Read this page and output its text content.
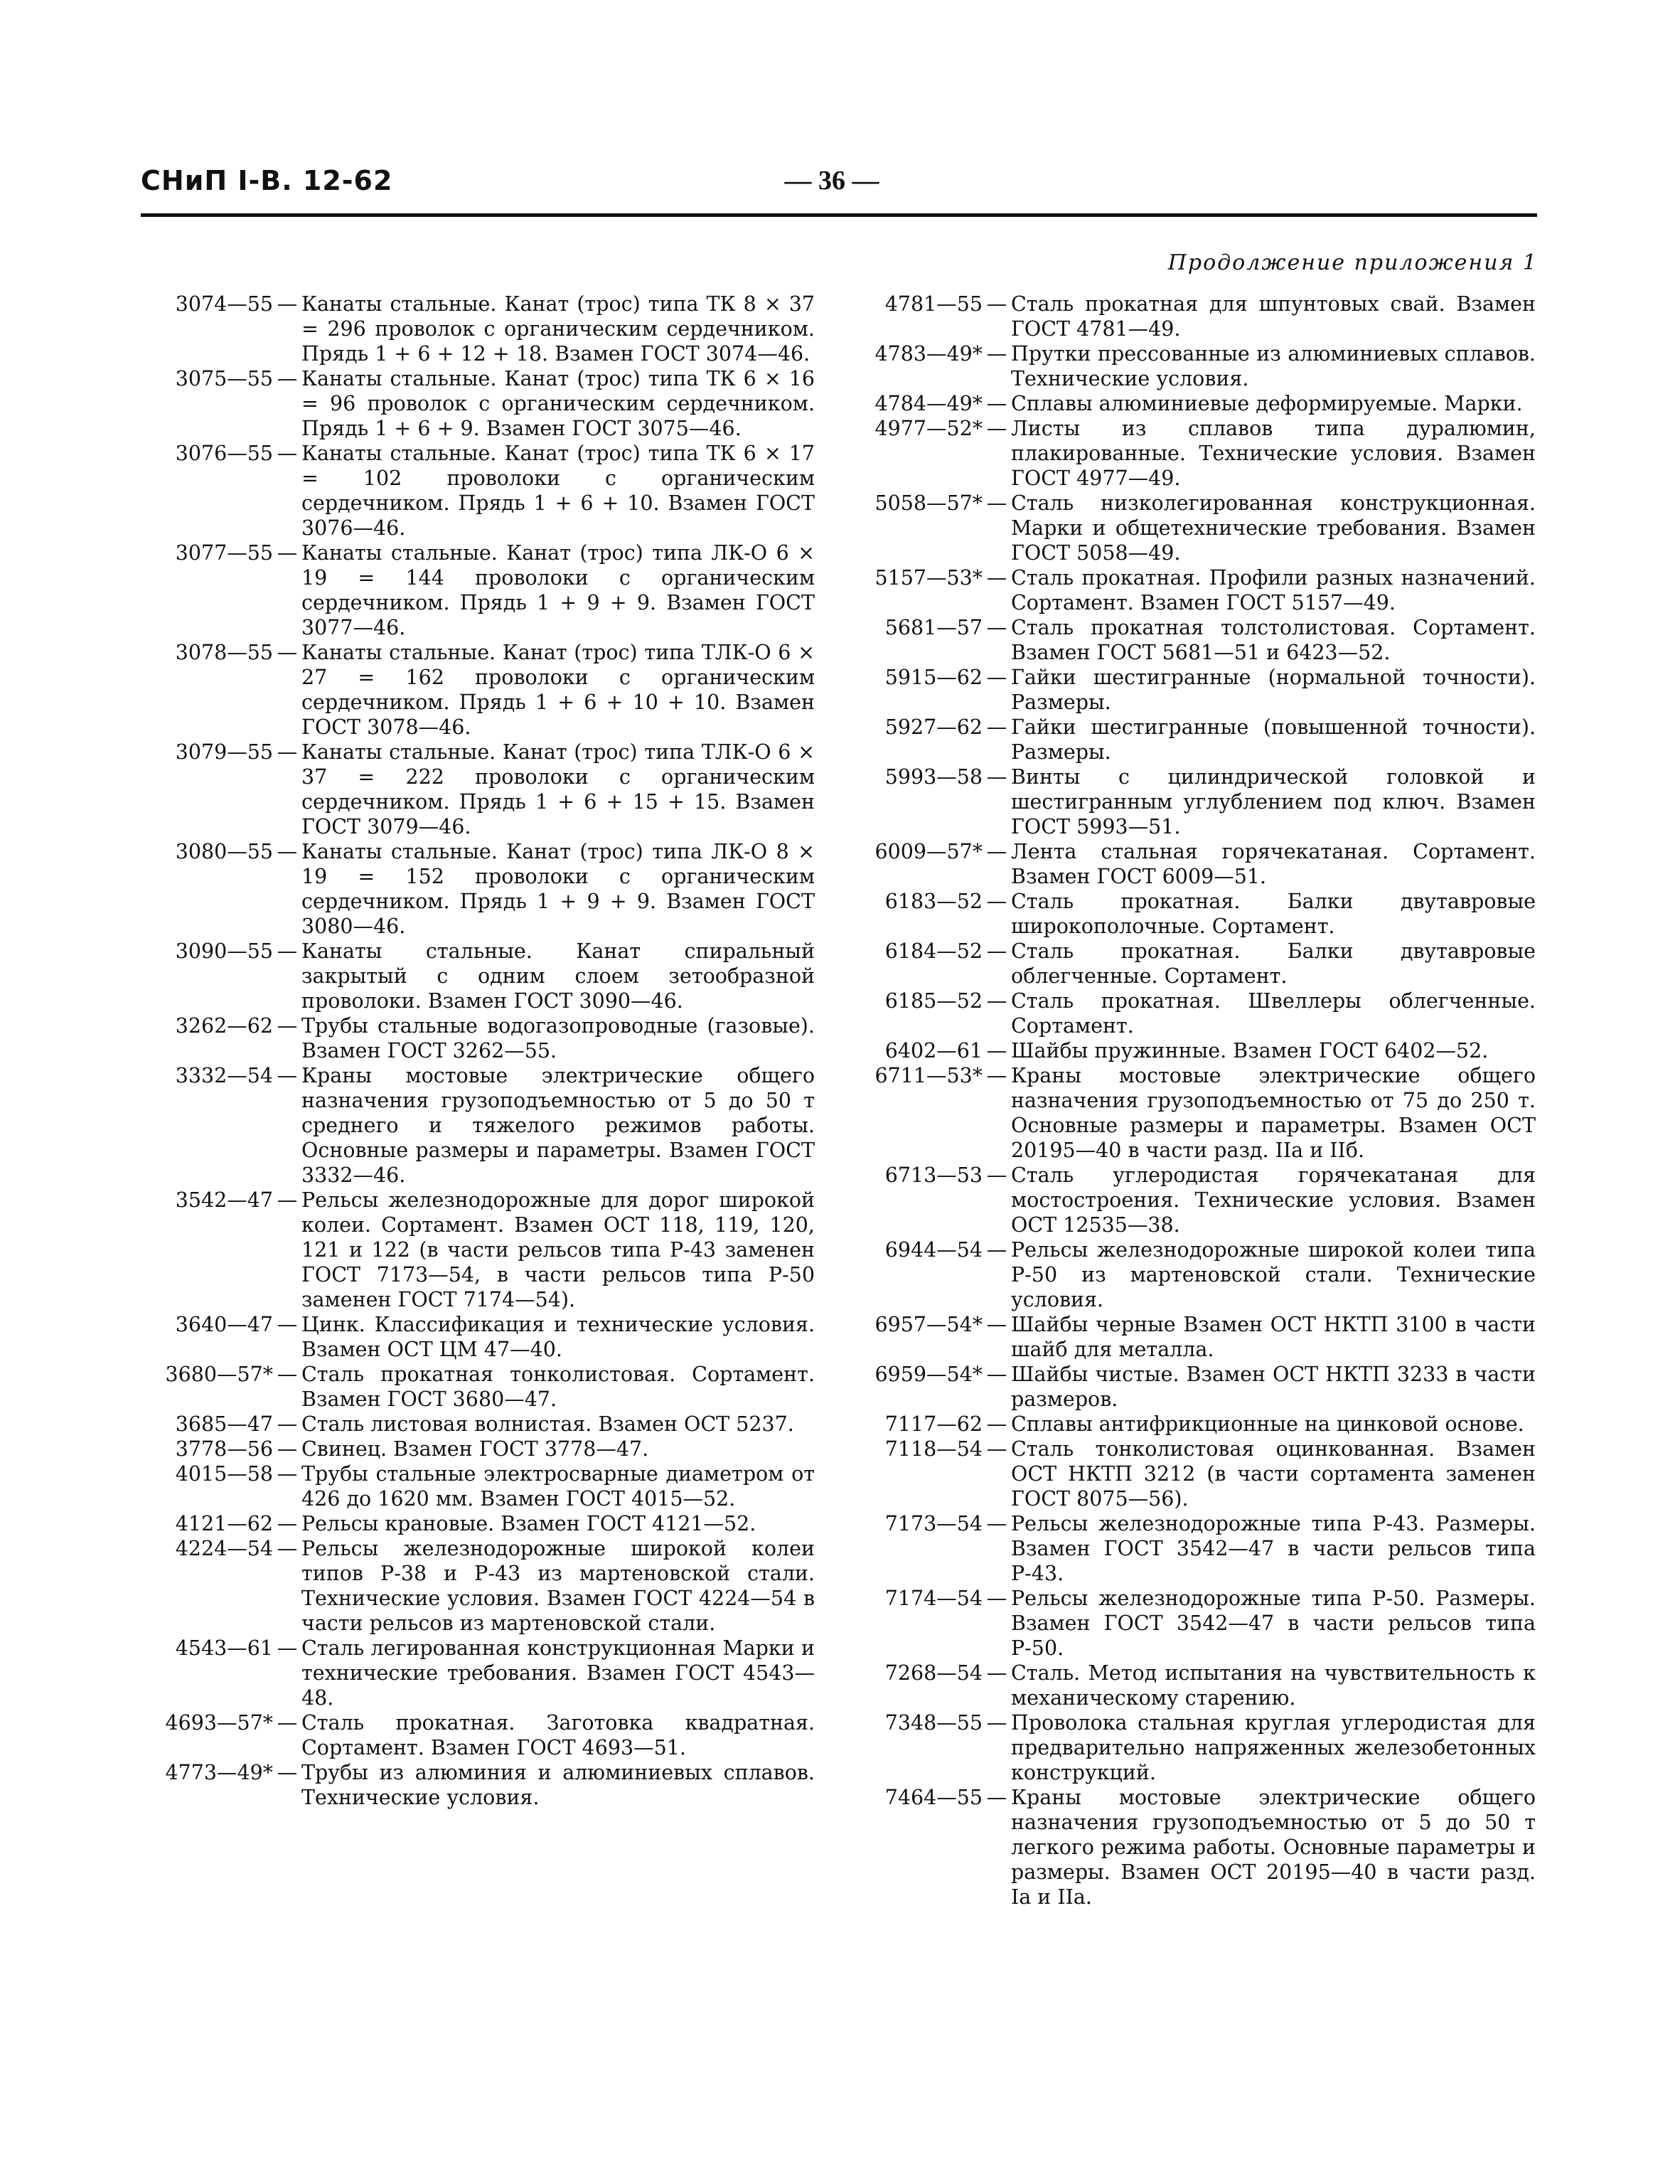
СНиП I-В. 12-62	— 36 —
Продолжение приложения 1
3074—55 — Канаты стальные. Канат (трос) типа ТК 8 × 37 = 296 проволок с органическим сердечником. Прядь 1 + 6 + 12 + 18. Взамен ГОСТ 3074—46.
3075—55 — Канаты стальные. Канат (трос) типа ТК 6 × 16 = 96 проволок с органическим сердечником. Прядь 1 + 6 + 9. Взамен ГОСТ 3075—46.
3076—55 — Канаты стальные. Канат (трос) типа ТК 6 × 17 = 102 проволоки с органическим сердечником. Прядь 1 + 6 + 10. Взамен ГОСТ 3076—46.
3077—55 — Канаты стальные. Канат (трос) типа ЛК-О 6 × 19 = 144 проволоки с органическим сердечником. Прядь 1 + 9 + 9. Взамен ГОСТ 3077—46.
3078—55 — Канаты стальные. Канат (трос) типа ТЛК-О 6 × 27 = 162 проволоки с органическим сердечником. Прядь 1 + 6 + 10 + 10. Взамен ГОСТ 3078—46.
3079—55 — Канаты стальные. Канат (трос) типа ТЛК-О 6 × 37 = 222 проволоки с органическим сердечником. Прядь 1 + 6 + 15 + 15. Взамен ГОСТ 3079—46.
3080—55 — Канаты стальные. Канат (трос) типа ЛК-О 8 × 19 = 152 проволоки с органическим сердечником. Прядь 1 + 9 + 9. Взамен ГОСТ 3080—46.
3090—55 — Канаты стальные. Канат спиральный закрытый с одним слоем зетообразной проволоки. Взамен ГОСТ 3090—46.
3262—62 — Трубы стальные водогазопроводные (газовые). Взамен ГОСТ 3262—55.
3332—54 — Краны мостовые электрические общего назначения грузоподъемностью от 5 до 50 т среднего и тяжелого режимов работы. Основные размеры и параметры. Взамен ГОСТ 3332—46.
3542—47 — Рельсы железнодорожные для дорог широкой колеи. Сортамент. Взамен ОСТ 118, 119, 120, 121 и 122 (в части рельсов типа Р-43 заменен ГОСТ 7173—54, в части рельсов типа Р-50 заменен ГОСТ 7174—54).
3640—47 — Цинк. Классификация и технические условия. Взамен ОСТ ЦМ 47—40.
3680—57* — Сталь прокатная тонколистовая. Сортамент. Взамен ГОСТ 3680—47.
3685—47 — Сталь листовая волнистая. Взамен ОСТ 5237.
3778—56 — Свинец. Взамен ГОСТ 3778—47.
4015—58 — Трубы стальные электросварные диаметром от 426 до 1620 мм. Взамен ГОСТ 4015—52.
4121—62 — Рельсы крановые. Взамен ГОСТ 4121—52.
4224—54 — Рельсы железнодорожные широкой колеи типов Р-38 и Р-43 из мартеновской стали. Технические условия. Взамен ГОСТ 4224—54 в части рельсов из мартеновской стали.
4543—61 — Сталь легированная конструкционная Марки и технические требования. Взамен ГОСТ 4543—48.
4693—57* — Сталь прокатная. Заготовка квадратная. Сортамент. Взамен ГОСТ 4693—51.
4773—49* — Трубы из алюминия и алюминиевых сплавов. Технические условия.
4781—55 — Сталь прокатная для шпунтовых свай. Взамен ГОСТ 4781—49.
4783—49* — Прутки прессованные из алюминиевых сплавов. Технические условия.
4784—49* — Сплавы алюминиевые деформируемые. Марки.
4977—52* — Листы из сплавов типа дуралюмин, плакированные. Технические условия. Взамен ГОСТ 4977—49.
5058—57* — Сталь низколегированная конструкционная. Марки и общетехнические требования. Взамен ГОСТ 5058—49.
5157—53* — Сталь прокатная. Профили разных назначений. Сортамент. Взамен ГОСТ 5157—49.
5681—57 — Сталь прокатная толстолистовая. Сортамент. Взамен ГОСТ 5681—51 и 6423—52.
5915—62 — Гайки шестигранные (нормальной точности). Размеры.
5927—62 — Гайки шестигранные (повышенной точности). Размеры.
5993—58 — Винты с цилиндрической головкой и шестигранным углублением под ключ. Взамен ГОСТ 5993—51.
6009—57* — Лента стальная горячекатаная. Сортамент. Взамен ГОСТ 6009—51.
6183—52 — Сталь прокатная. Балки двутавровые широкополочные. Сортамент.
6184—52 — Сталь прокатная. Балки двутавровые облегченные. Сортамент.
6185—52 — Сталь прокатная. Швеллеры облегченные. Сортамент.
6402—61 — Шайбы пружинные. Взамен ГОСТ 6402—52.
6711—53* — Краны мостовые электрические общего назначения грузоподъемностью от 75 до 250 т. Основные размеры и параметры. Взамен ОСТ 20195—40 в части разд. IIа и IIб.
6713—53 — Сталь углеродистая горячекатаная для мостостроения. Технические условия. Взамен ОСТ 12535—38.
6944—54 — Рельсы железнодорожные широкой колеи типа Р-50 из мартеновской стали. Технические условия.
6957—54* — Шайбы черные Взамен ОСТ НКТП 3100 в части шайб для металла.
6959—54* — Шайбы чистые. Взамен ОСТ НКТП 3233 в части размеров.
7117—62 — Сплавы антифрикционные на цинковой основе.
7118—54 — Сталь тонколистовая оцинкованная. Взамен ОСТ НКТП 3212 (в части сортамента заменен ГОСТ 8075—56).
7173—54 — Рельсы железнодорожные типа Р-43. Размеры. Взамен ГОСТ 3542—47 в части рельсов типа Р-43.
7174—54 — Рельсы железнодорожные типа Р-50. Размеры. Взамен ГОСТ 3542—47 в части рельсов типа Р-50.
7268—54 — Сталь. Метод испытания на чувствительность к механическому старению.
7348—55 — Проволока стальная круглая углеродистая для предварительно напряженных железобетонных конструкций.
7464—55 — Краны мостовые электрические общего назначения грузоподъемностью от 5 до 50 т легкого режима работы. Основные параметры и размеры. Взамен ОСТ 20195—40 в части разд. Iа и IIа.
